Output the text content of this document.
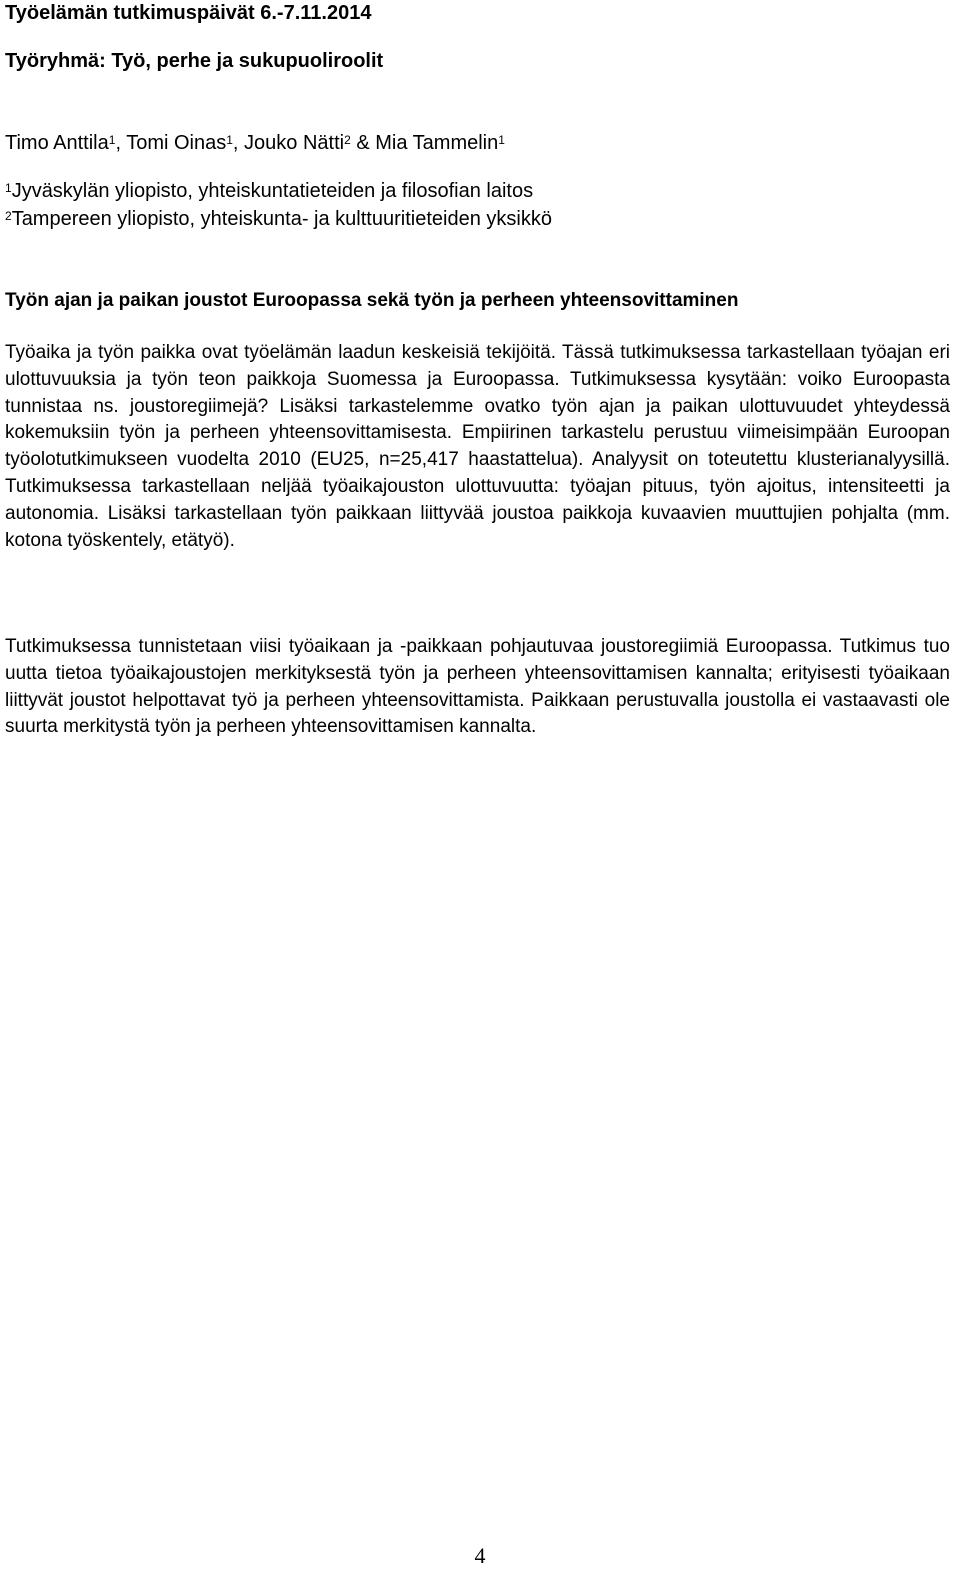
Työelämän tutkimuspäivät 6.-7.11.2014
Työryhmä: Työ, perhe ja sukupuoliroolit
Timo Anttila$^1$, Tomi Oinas$^1$, Jouko Nätti$^2$ & Mia Tammelin$^1$
$^1$Jyväskylän yliopisto, yhteiskuntatieteiden ja filosofian laitos
$^2$Tampereen yliopisto, yhteiskunta- ja kulttuuritieteiden yksikkö
Työn ajan ja paikan joustot Euroopassa sekä työn ja perheen yhteensovittaminen

Työaika ja työn paikka ovat työelämän laadun keskeisiä tekijöitä. Tässä tutkimuksessa tarkastellaan työajan eri ulottuvuuksia ja työn teon paikkoja Suomessa ja Euroopassa. Tutkimuksessa kysytään: voiko Euroopasta tunnistaa ns. joustoregiimejä? Lisäksi tarkastelemme ovatko työn ajan ja paikan ulottuvuudet yhteydessä kokemuksiin työn ja perheen yhteensovittamisesta. Empiirinen tarkastelu perustuu viimeisimpään Euroopan työolotutkimukseen vuodelta 2010 (EU25, n=25,417 haastattelua). Analyysit on toteutettu klusterianalyysillä. Tutkimuksessa tarkastellaan neljää työaikajouston ulottuvuutta: työajan pituus, työn ajoitus, intensiteetti ja autonomia. Lisäksi tarkastellaan työn paikkaan liittyvää joustoa paikkoja kuvaavien muuttujien pohjalta (mm. kotona työskentely, etätyö).

Tutkimuksessa tunnistetaan viisi työaikaan ja -paikkaan pohjautuvaa joustoregiimiä Euroopassa. Tutkimus tuo uutta tietoa työaikajoustojen merkityksestä työn ja perheen yhteensovittamisen kannalta; erityisesti työaikaan liittyvät joustot helpottavat työ ja perheen yhteensovittamista. Paikkaan perustuvalla joustolla ei vastaavasti ole suurta merkitystä työn ja perheen yhteensovittamisen kannalta.

4
